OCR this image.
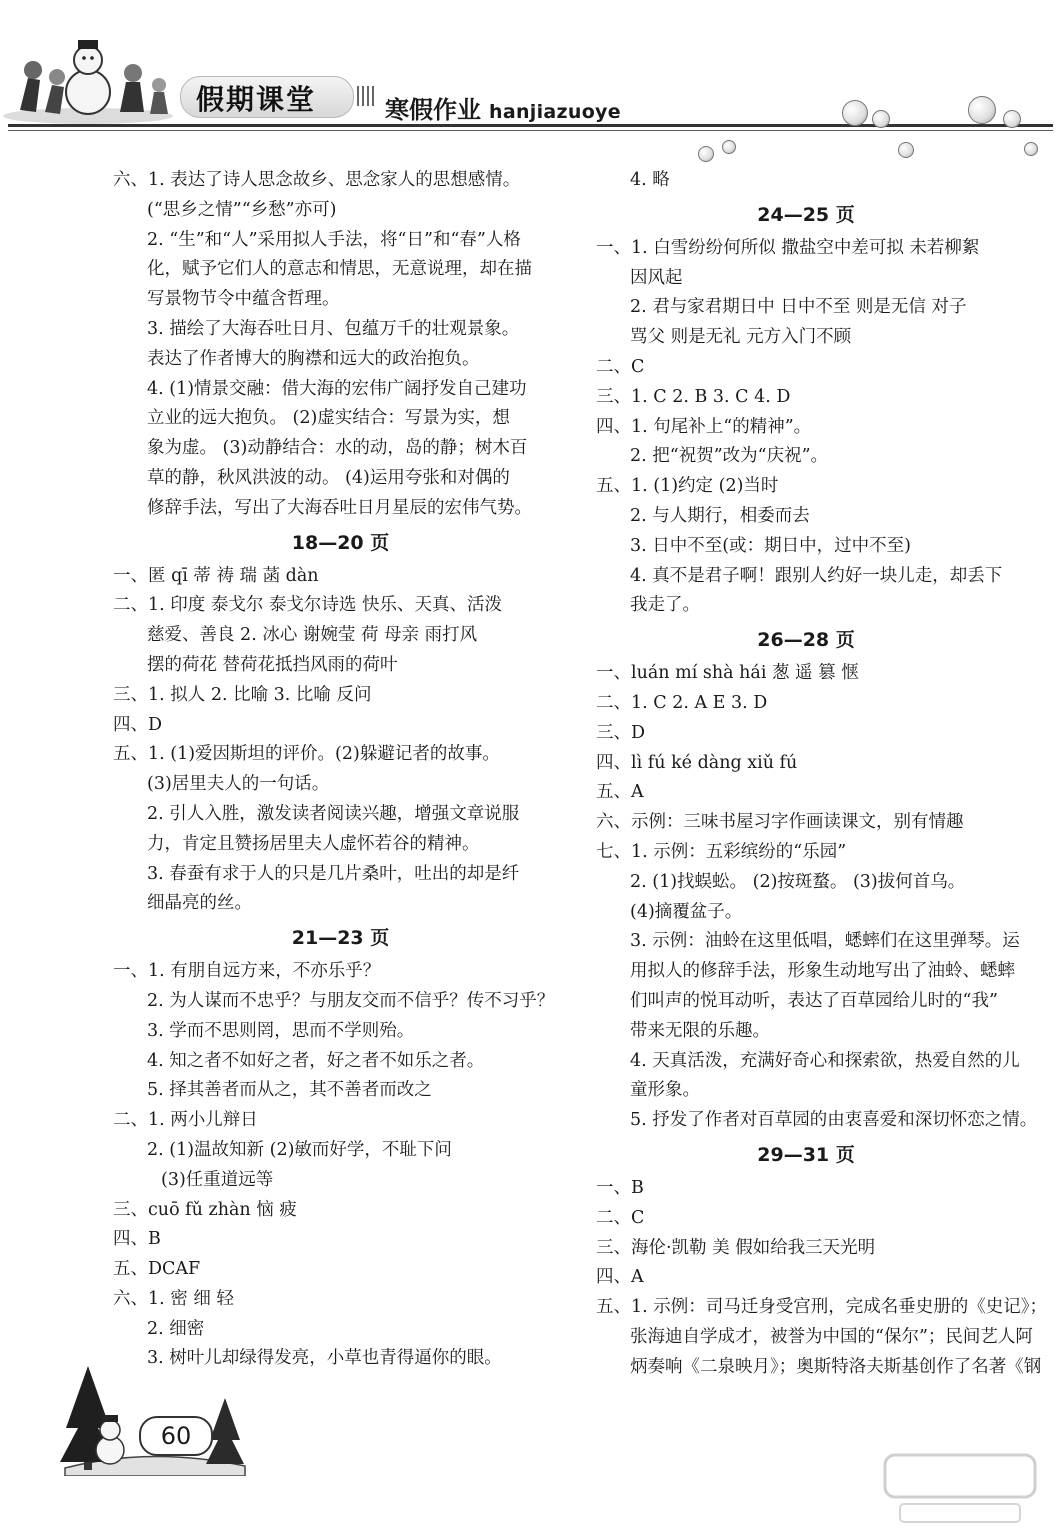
假期课堂	寒假作业 hanjiazuoye
六、1. 表达了诗人思念故乡、思念家人的思想感情。
(“思乡之情”“乡愁”亦可)
2. “生”和“人”采用拟人手法，将“日”和“春”人格
化，赋予它们人的意志和情思，无意说理，却在描
写景物节令中蕴含哲理。
3. 描绘了大海吞吐日月、包蕴万千的壮观景象。
表达了作者博大的胸襟和远大的政治抱负。
4. (1)情景交融：借大海的宏伟广阔抒发自己建功
立业的远大抱负。 (2)虚实结合：写景为实，想
象为虚。 (3)动静结合：水的动，岛的静；树木百
草的静，秋风洪波的动。 (4)运用夸张和对偶的
修辞手法，写出了大海吞吐日月星辰的宏伟气势。
18—20 页
一、匿 qī 蒂 祷 瑞 菡 dàn
二、1. 印度 泰戈尔 泰戈尔诗选 快乐、天真、活泼
慈爱、善良 2. 冰心 谢婉莹 荷 母亲 雨打风
摆的荷花 替荷花抵挡风雨的荷叶
三、1. 拟人 2. 比喻 3. 比喻 反问
四、D
五、1. (1)爱因斯坦的评价。(2)躲避记者的故事。
(3)居里夫人的一句话。
2. 引人入胜，激发读者阅读兴趣，增强文章说服
力，肯定且赞扬居里夫人虚怀若谷的精神。
3. 春蚕有求于人的只是几片桑叶，吐出的却是纤
细晶亮的丝。
21—23 页
一、1. 有朋自远方来，不亦乐乎？
2. 为人谋而不忠乎？与朋友交而不信乎？传不习乎？
3. 学而不思则罔，思而不学则殆。
4. 知之者不如好之者，好之者不如乐之者。
5. 择其善者而从之，其不善者而改之
二、1. 两小儿辩日
2. (1)温故知新 (2)敏而好学，不耻下问
(3)任重道远等
三、cuō fǔ zhàn 恼 疲
四、B
五、DCAF
六、1. 密 细 轻
2. 细密
3. 树叶儿却绿得发亮，小草也青得逼你的眼。
4. 略
24—25 页
一、1. 白雪纷纷何所似 撒盐空中差可拟 未若柳絮
因风起
2. 君与家君期日中 日中不至 则是无信 对子
骂父 则是无礼 元方入门不顾
二、C
三、1. C 2. B 3. C 4. D
四、1. 句尾补上“的精神”。
2. 把“祝贺”改为“庆祝”。
五、1. (1)约定 (2)当时
2. 与人期行，相委而去
3. 日中不至(或：期日中，过中不至)
4. 真不是君子啊！跟别人约好一块儿走，却丢下
我走了。
26—28 页
一、luán mí shà hái 葱 遥 篡 惬
二、1. C 2. A E 3. D
三、D
四、lì fú ké dàng xiǔ fú
五、A
六、示例：三味书屋习字作画读课文，别有情趣
七、1. 示例：五彩缤纷的“乐园”
2. (1)找蜈蚣。 (2)按斑蝥。 (3)拔何首乌。
(4)摘覆盆子。
3. 示例：油蛉在这里低唱，蟋蟀们在这里弹琴。运
用拟人的修辞手法，形象生动地写出了油蛉、蟋蟀
们叫声的悦耳动听，表达了百草园给儿时的“我”
带来无限的乐趣。
4. 天真活泼，充满好奇心和探索欲，热爱自然的儿
童形象。
5. 抒发了作者对百草园的由衷喜爱和深切怀恋之情。
29—31 页
一、B
二、C
三、海伦·凯勒 美 假如给我三天光明
四、A
五、1. 示例：司马迁身受宫刑，完成名垂史册的《史记》；
张海迪自学成才，被誉为中国的“保尔”；民间艺人阿
炳奏响《二泉映月》；奥斯特洛夫斯基创作了名著《钢
60
